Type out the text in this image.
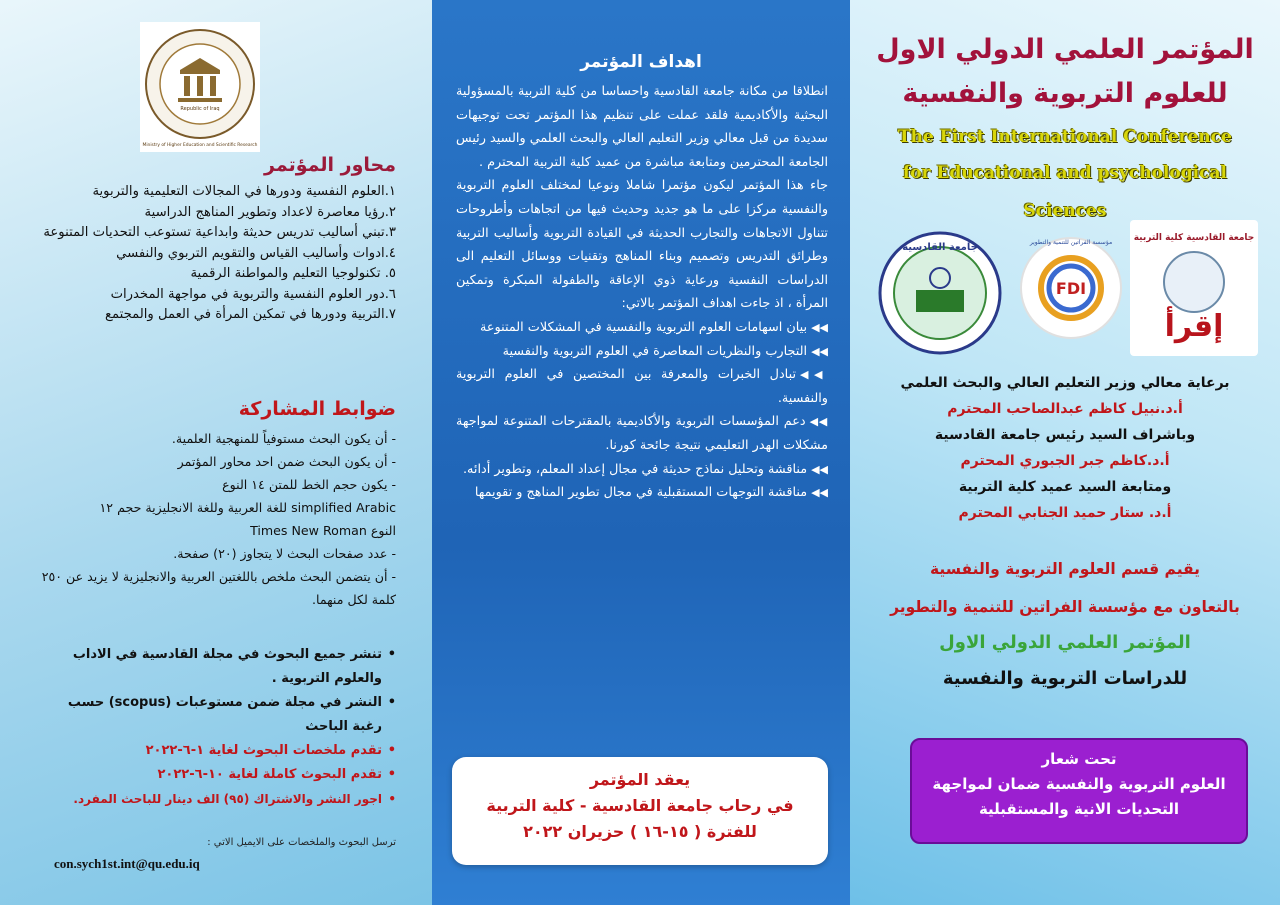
Republic of Iraq
Ministry of Higher Education and Scientific Research
محاور المؤتمر
١.العلوم النفسية ودورها في المجالات التعليمية والتربوية
٢.رؤيا معاصرة لاعداد وتطوير المناهج الدراسية
٣.تبني أساليب تدريس حديثة وابداعية تستوعب التحديات المتنوعة
٤.ادوات وأساليب القياس والتقويم التربوي والنفسي
٥. تكنولوجيا التعليم والمواطنة الرقمية
٦.دور العلوم النفسية والتربوية في مواجهة المخدرات
٧.التربية ودورها في تمكين المرأة في العمل والمجتمع
ضوابط المشاركة
- أن يكون البحث مستوفياً للمنهجية العلمية.
- أن يكون البحث ضمن احد محاور المؤتمر
- يكون حجم الخط للمتن ١٤ النوع
simplified Arabic للغة العربية وللغة الانجليزية حجم ١٢
النوع Times New Roman
- عدد صفحات البحث لا يتجاوز (٢٠) صفحة.
- أن يتضمن البحث ملخص باللغتين العربية والانجليزية لا يزيد عن ٢٥٠ كلمة لكل منهما.
• تنشر جميع البحوث في مجلة القادسية في الاداب والعلوم التربوية .
• النشر في مجلة ضمن مستوعبات (scopus) حسب رغبة الباحث
• تقدم ملخصات البحوث لغاية ١-٦-٢٠٢٢
• تقدم البحوث كاملة لغاية ١٠-٦-٢٠٢٢
• اجور النشر والاشتراك (٩٥) الف دينار للباحث المفرد.
ترسل البحوث والملخصات على الايميل الاتي :
con.sych1st.int@qu.edu.iq
اهداف المؤتمر

انطلاقا من مكانة جامعة القادسية واحساسا من كلية التربية بالمسؤولية البحثية والأكاديمية فلقد عملت على تنظيم هذا المؤتمر تحت توجيهات سديدة من قبل معالي وزير التعليم العالي والبحث العلمي والسيد رئيس الجامعة المحترمين ومتابعة مباشرة من عميد كلية التربية المحترم .

جاء هذا المؤتمر ليكون مؤتمرا شاملا ونوعيا لمختلف العلوم التربوية والنفسية مركزا على ما هو جديد وحديث فيها من اتجاهات وأطروحات تتناول الاتجاهات والتجارب الحديثة في القيادة التربوية وأساليب التربية وطرائق التدريس وتصميم وبناء المناهج وتقنيات ووسائل التعليم الى الدراسات النفسية ورعاية ذوي الإعاقة والطفولة المبكرة وتمكين المرأة ، اذ جاءت اهداف المؤتمر بالاتي:

◀◀بيان اسهامات العلوم التربوية والنفسية في المشكلات المتنوعة

◀◀التجارب والنظريات المعاصرة في العلوم التربوية والنفسية

◀◀تبادل الخبرات والمعرفة بين المختصين في العلوم التربوية والنفسية.

◀◀دعم المؤسسات التربوية والأكاديمية بالمقترحات المتنوعة لمواجهة مشكلات الهدر التعليمي نتيجة جائحة كورنا.

◀◀مناقشة وتحليل نماذج حديثة في مجال إعداد المعلم، وتطوير أدائه.

◀◀مناقشة التوجهات المستقبلية في مجال تطوير المناهج و تقويمها

يعقد المؤتمر
في رحاب جامعة القادسية - كلية التربية
للفترة ( ١٥-١٦ ) حزيران ٢٠٢٢
المؤتمر العلمي الدولي الاول
للعلوم التربوية والنفسية
The First International Conference
for Educational and psychological
Sciences
جامعة القادسية
FDI
مؤسسة الفراتين للتنمية والتطوير جامعة القادسية كلية التربية
إقرأ
برعاية معالي وزير التعليم العالي والبحث العلمي
أ.د.نبيل كاظم عبدالصاحب المحترم
وباشراف السيد رئيس جامعة القادسية
أ.د.كاظم جبر الجبوري المحترم
ومتابعة السيد عميد كلية التربية
أ.د. ستار حميد الجنابي المحترم
يقيم قسم العلوم التربوية والنفسية
بالتعاون مع مؤسسة الفراتين للتنمية والتطوير
المؤتمر العلمي الدولي الاول
للدراسات التربوية والنفسية
تحت شعار
العلوم التربوية والنفسية ضمان لمواجهة
التحديات الانية والمستقبلية
